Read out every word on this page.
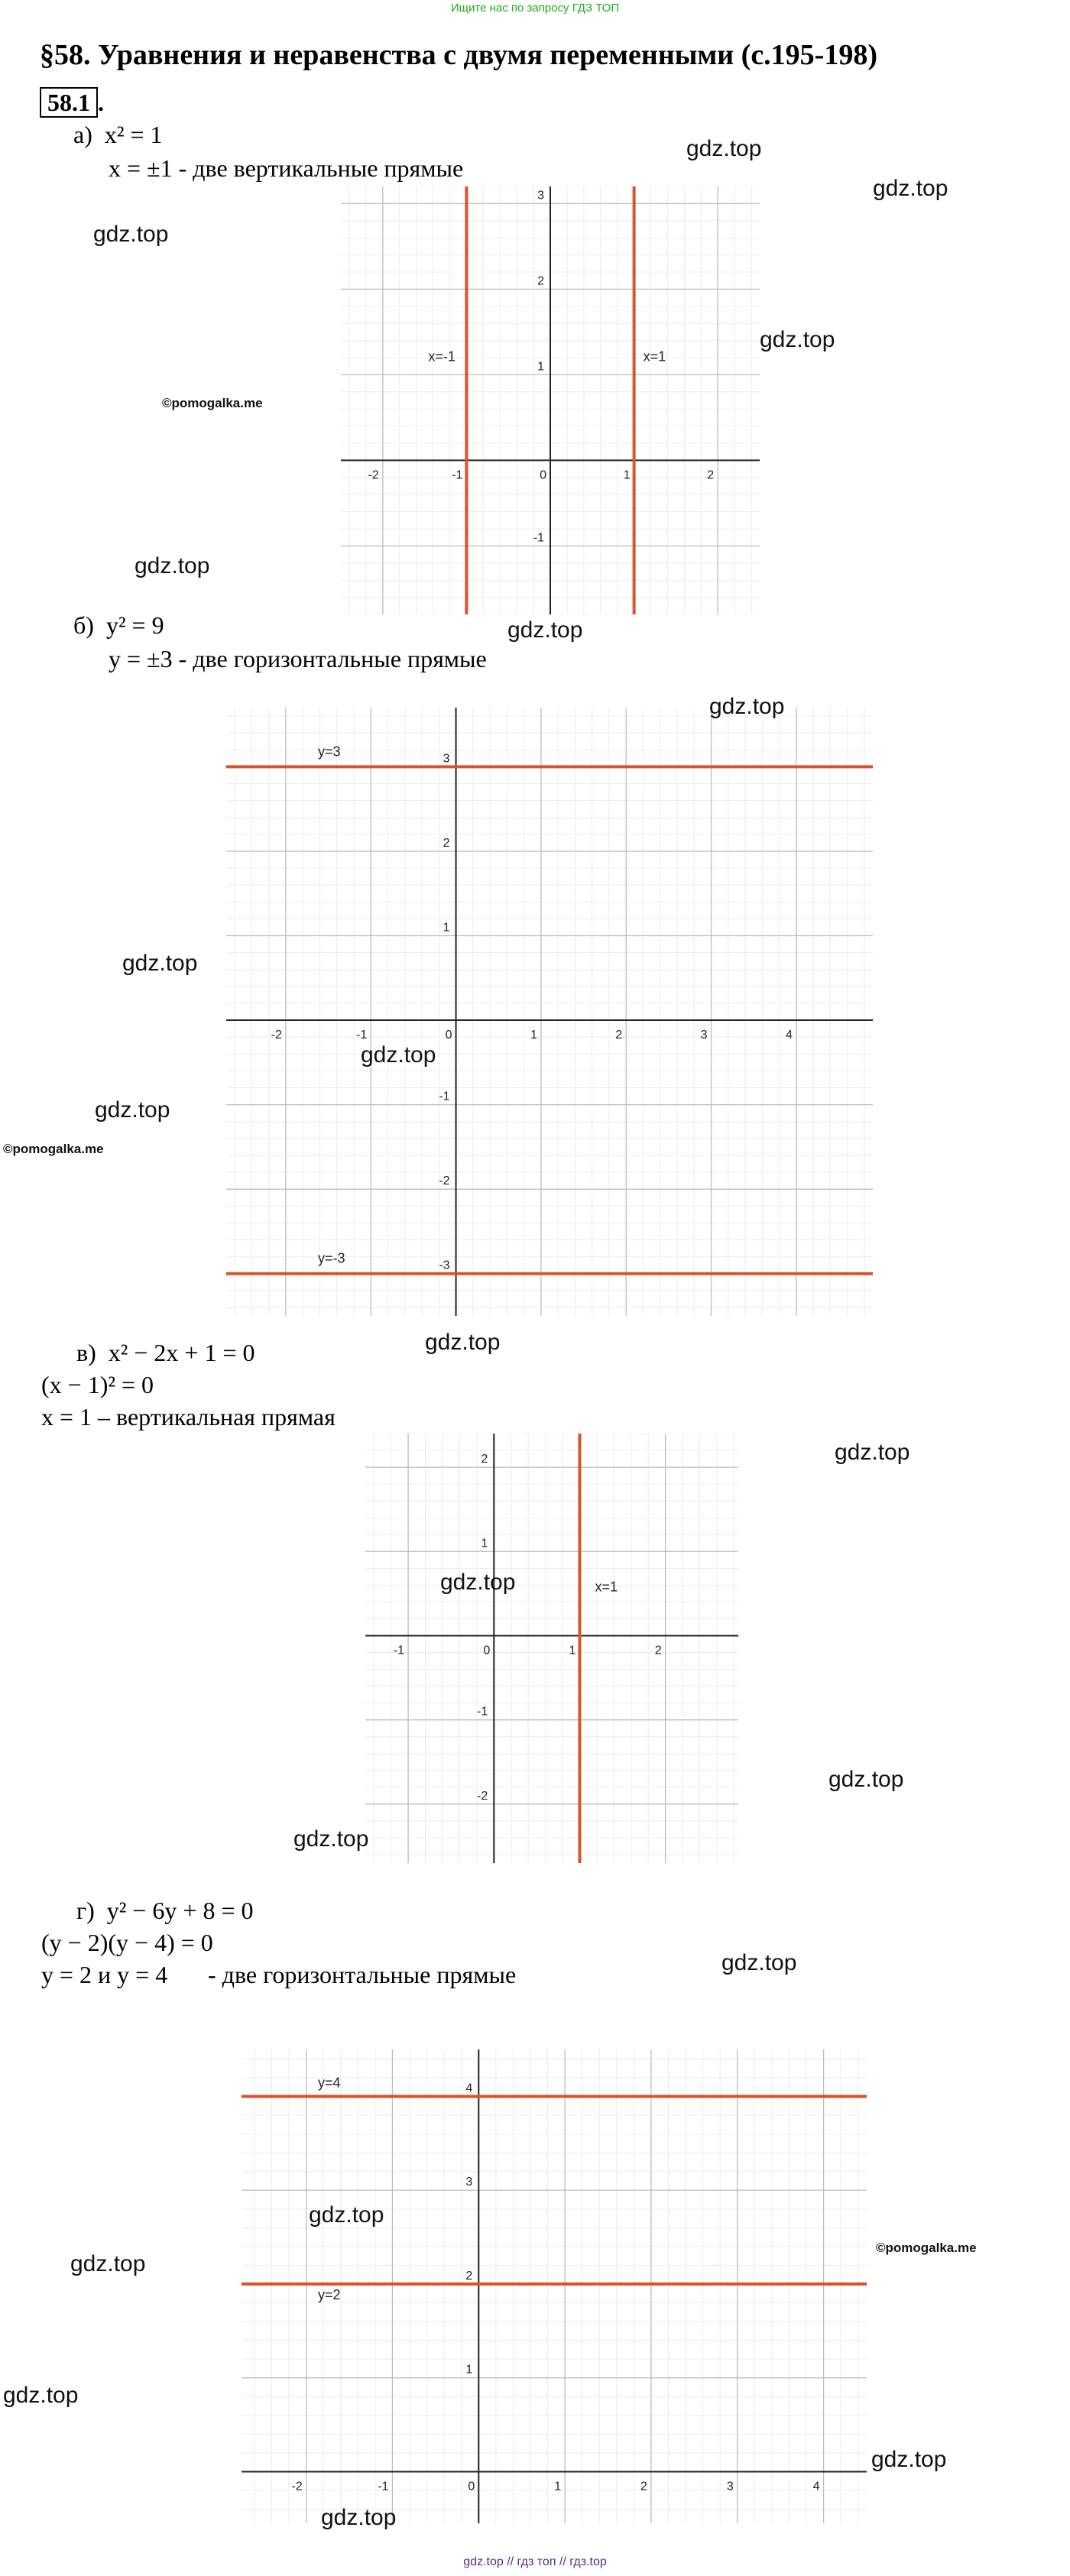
Ищите нас по запросу ГДЗ ТОП
§58. Уравнения и неравенства с двумя переменными (с.195-198)
58.1 .
а) x² = 1
x = ±1 - две вертикальные прямые
-2	-1	0	1	2
-1
1
2
3
x=-1	x=1
б) y² = 9
y = ±3 - две горизонтальные прямые
-2	-1	0	1	2	3	4
-3
-2
-1
1
2
3
y=3
y=-3
в) x² − 2x + 1 = 0
(x − 1)² = 0
x = 1 – вертикальная прямая
-1	0	1	2
-2
-1
1
2
x=1
г) y² − 6y + 8 = 0
(y − 2)(y − 4) = 0
y = 2 и y = 4 - две горизонтальные прямые
-2	-1	0	1	2	3	4
1
2
3
4
y=4
y=2
gdz.top
gdz.top
gdz.top
gdz.top
©pomogalka.me
gdz.top
gdz.top
gdz.top
gdz.top
gdz.top
gdz.top
©pomogalka.me
gdz.top
gdz.top
gdz.top
gdz.top
gdz.top
gdz.top
gdz.top
©pomogalka.me
gdz.top
gdz.top
gdz.top
gdz.top
gdz.top // гдз топ // гдз.top
